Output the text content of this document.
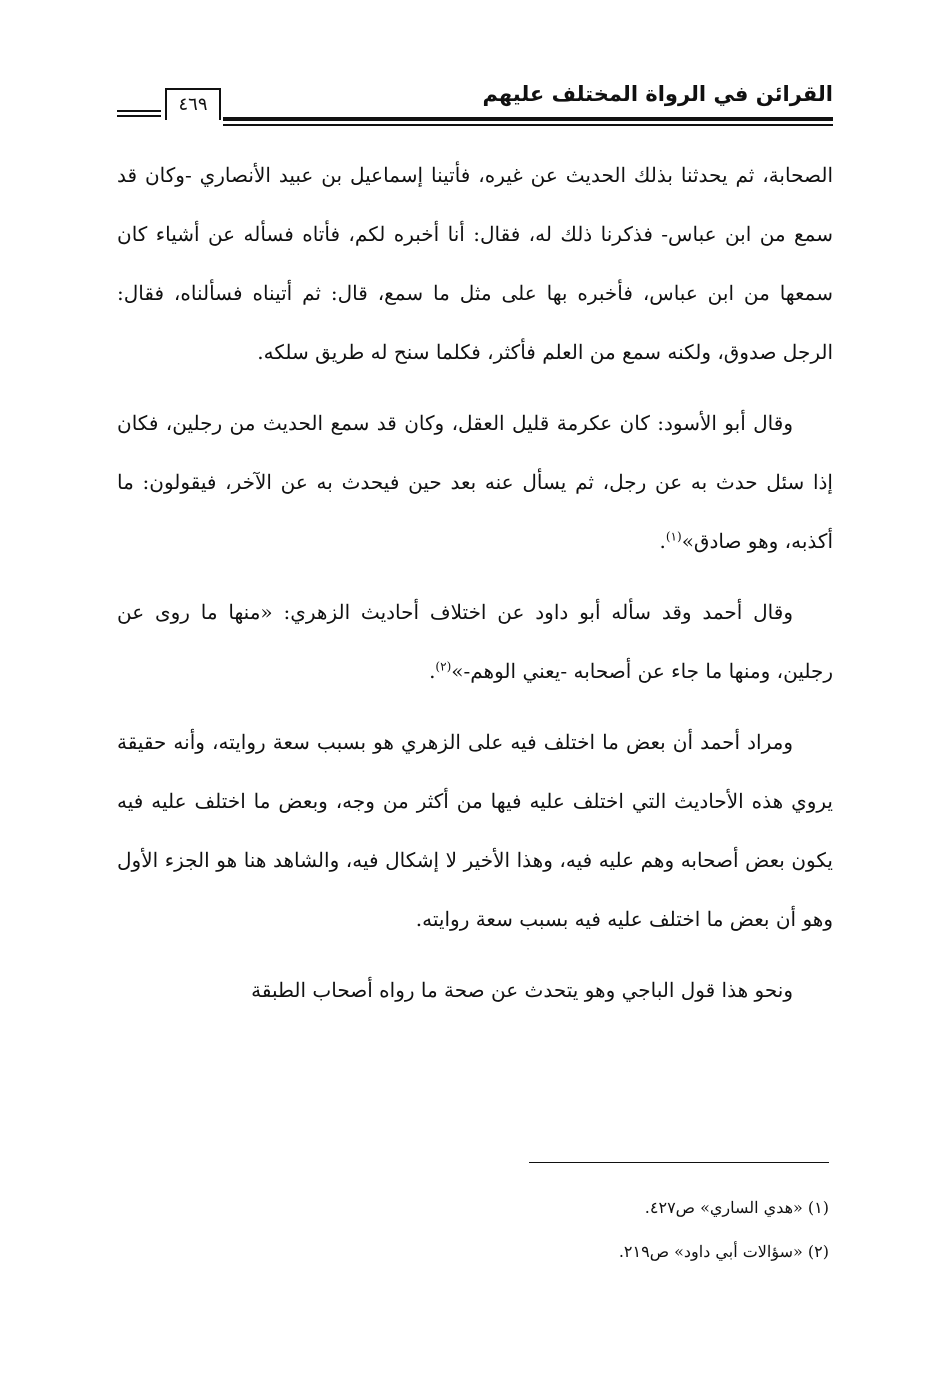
القرائن في الرواة المختلف عليهم
٤٦٩

الصحابة، ثم يحدثنا بذلك الحديث عن غيره، فأتينا إسماعيل بن عبيد الأنصاري -وكان قد سمع من ابن عباس- فذكرنا ذلك له، فقال: أنا أخبره لكم، فأتاه فسأله عن أشياء كان سمعها من ابن عباس، فأخبره بها على مثل ما سمع، قال: ثم أتيناه فسألناه، فقال: الرجل صدوق، ولكنه سمع من العلم فأكثر، فكلما سنح له طريق سلكه.

وقال أبو الأسود: كان عكرمة قليل العقل، وكان قد سمع الحديث من رجلين، فكان إذا سئل حدث به عن رجل، ثم يسأل عنه بعد حين فيحدث به عن الآخر، فيقولون: ما أكذبه، وهو صادق»$^{(١)}$.

وقال أحمد وقد سأله أبو داود عن اختلاف أحاديث الزهري: «منها ما روى عن رجلين، ومنها ما جاء عن أصحابه -يعني الوهم-»$^{(٢)}$.

ومراد أحمد أن بعض ما اختلف فيه على الزهري هو بسبب سعة روايته، وأنه حقيقة يروي هذه الأحاديث التي اختلف عليه فيها من أكثر من وجه، وبعض ما اختلف عليه فيه يكون بعض أصحابه وهم عليه فيه، وهذا الأخير لا إشكال فيه، والشاهد هنا هو الجزء الأول وهو أن بعض ما اختلف عليه فيه بسبب سعة روايته.

ونحو هذا قول الباجي وهو يتحدث عن صحة ما رواه أصحاب الطبقة

(١) «هدي الساري» ص٤٢٧.
(٢) «سؤالات أبي داود» ص٢١٩.
